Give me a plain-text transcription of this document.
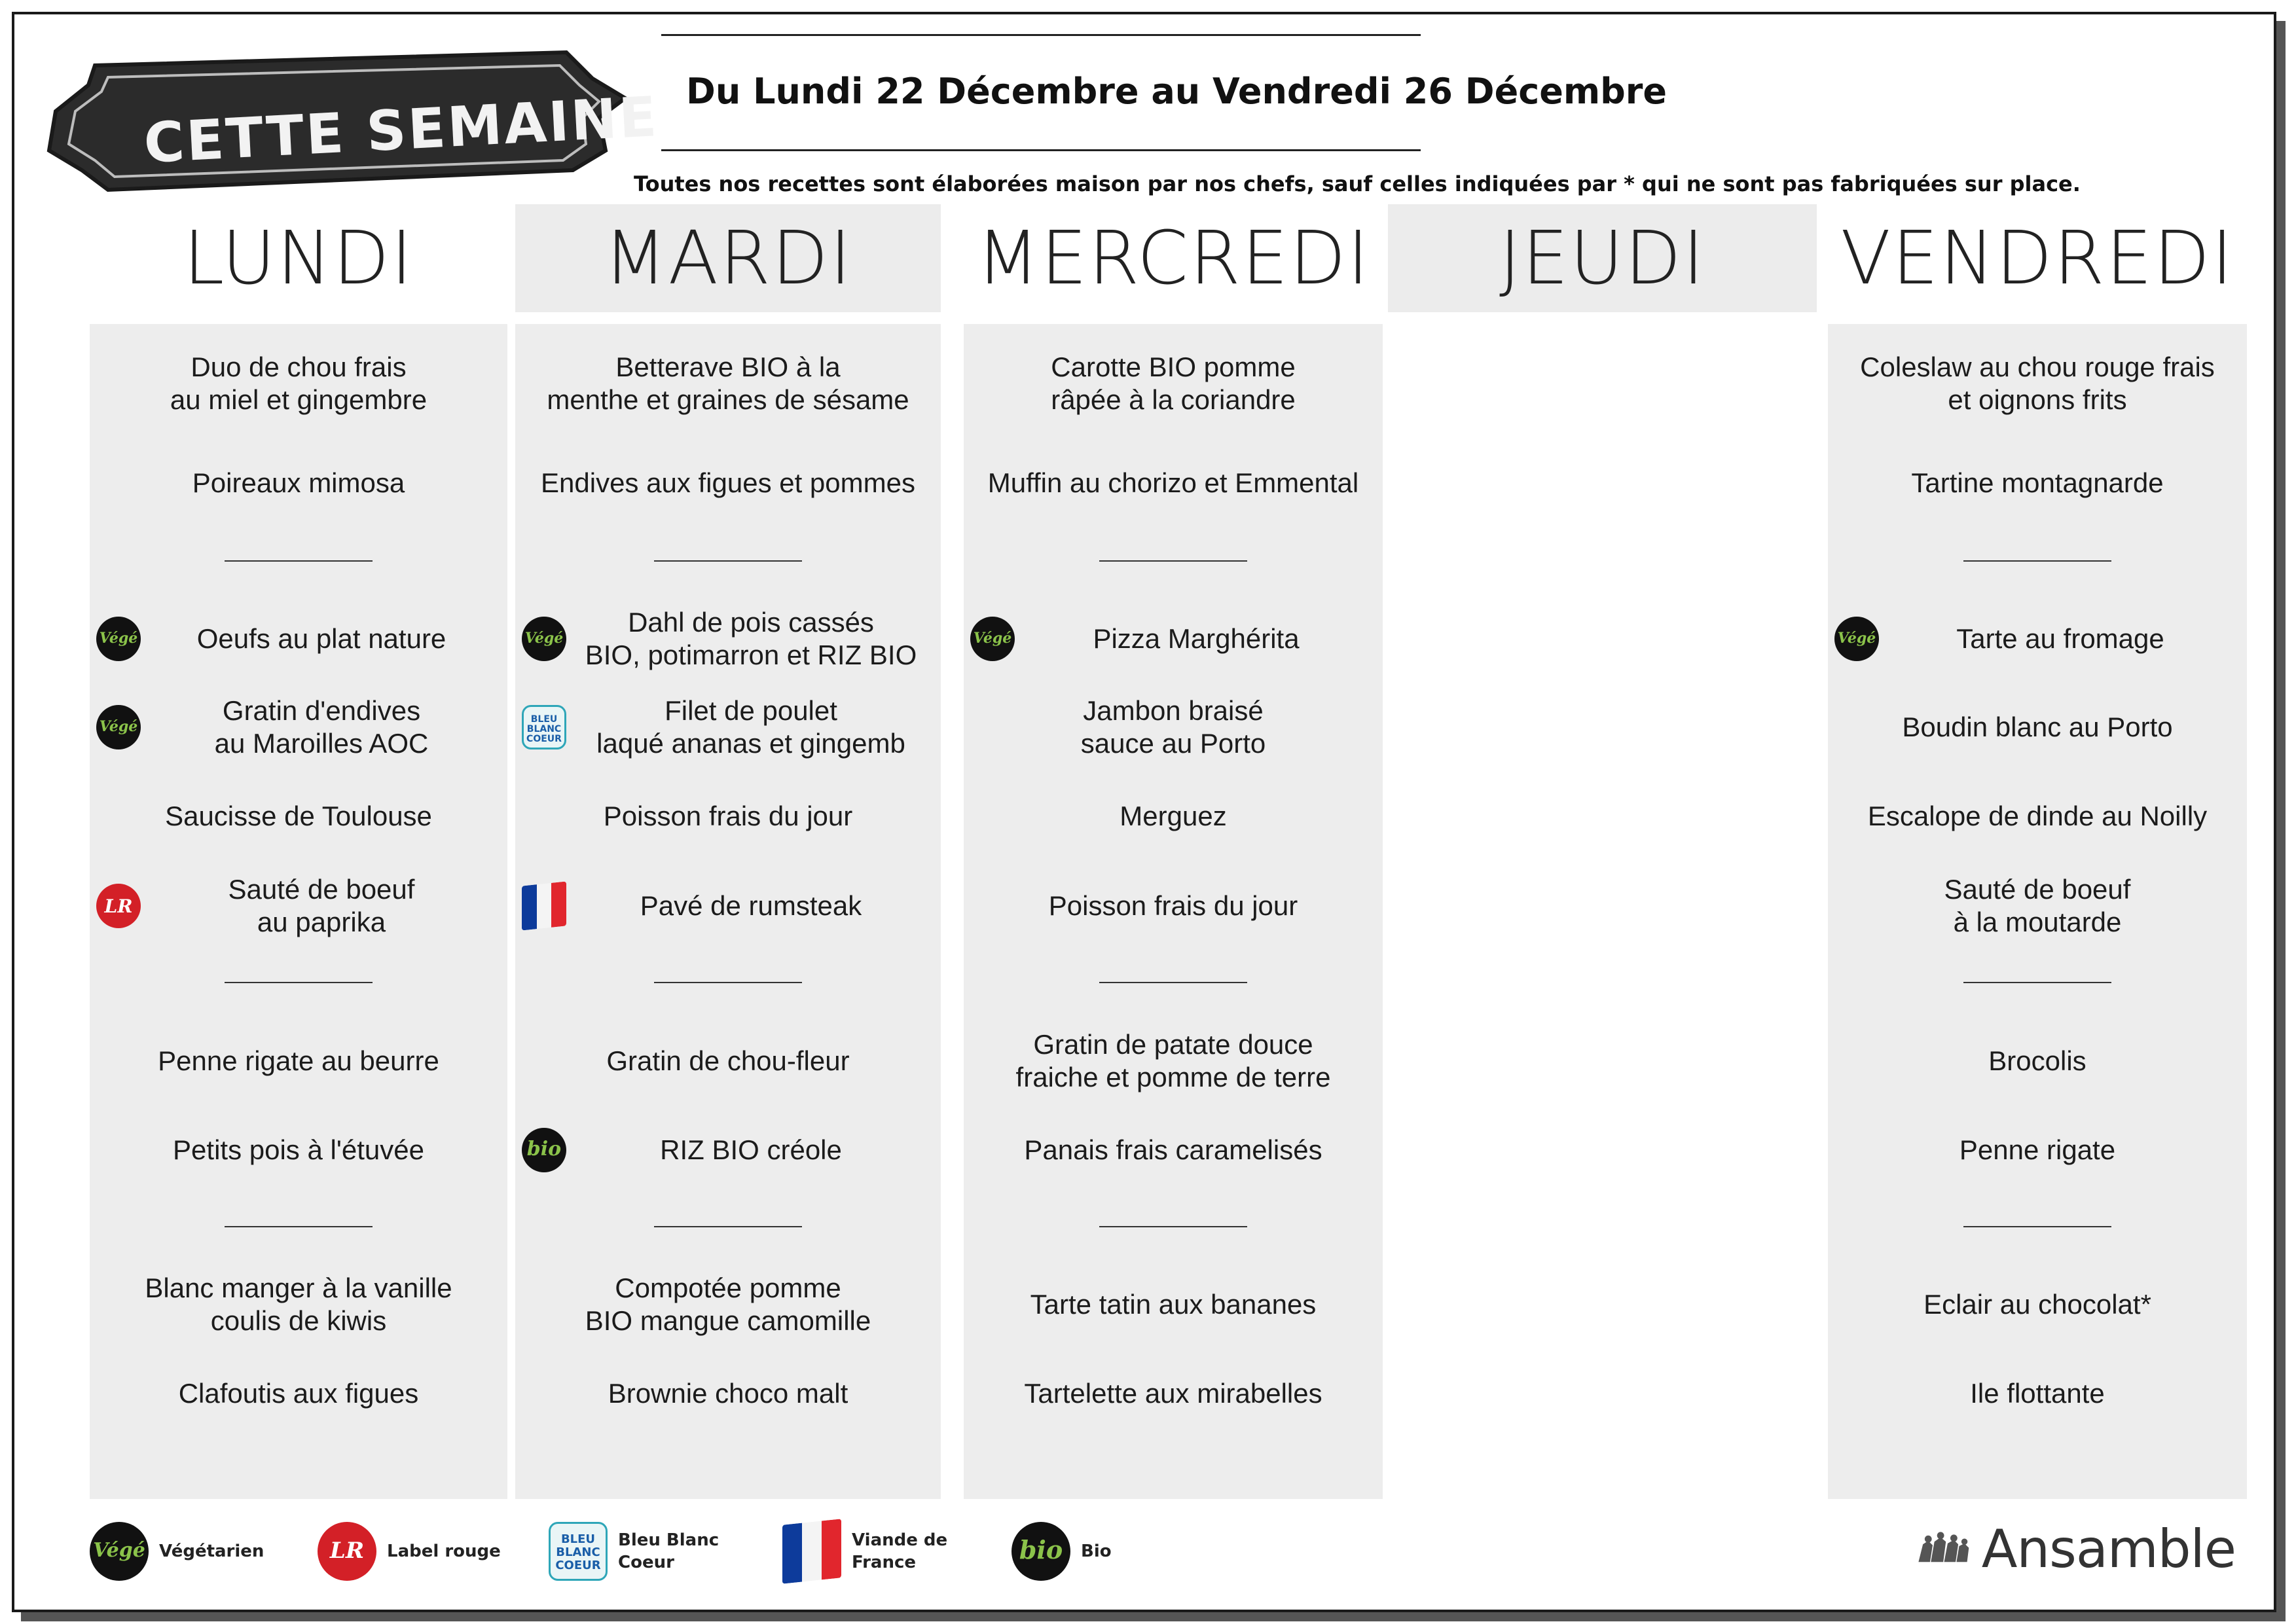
CETTE SEMAINE Du Lundi 22 Décembre au Vendredi 26 Décembre
Toutes nos recettes sont élaborées maison par nos chefs, sauf celles indiquées par * qui ne sont pas fabriquées sur place.
LUNDI
Duo de chou frais
au miel et gingembre
Poireaux mimosa
Oeufs au plat nature
Végé
Gratin d'endives
au Maroilles AOC
Végé
Saucisse de Toulouse
Sauté de boeuf
au paprika
LR
Penne rigate au beurre
Petits pois à l'étuvée
Blanc manger à la vanille
coulis de kiwis
Clafoutis aux figues
MARDI
Betterave BIO à la
menthe et graines de sésame
Endives aux figues et pommes
Dahl de pois cassés
BIO, potimarron et RIZ BIO
Végé
Filet de poulet
laqué ananas et gingemb
BLEU
BLANC
COEUR
Poisson frais du jour
Pavé de rumsteak
Gratin de chou-fleur
RIZ BIO créole
bio
Compotée pomme
BIO mangue camomille
Brownie choco malt
MERCREDI
Carotte BIO pomme
râpée à la coriandre
Muffin au chorizo et Emmental
Pizza Marghérita
Végé
Jambon braisé
sauce au Porto
Merguez
Poisson frais du jour
Gratin de patate douce
fraiche et pomme de terre
Panais frais caramelisés
Tarte tatin aux bananes
Tartelette aux mirabelles
JEUDI	VENDREDI
Coleslaw au chou rouge frais
et oignons frits
Tartine montagnarde
Tarte au fromage
Végé
Boudin blanc au Porto
Escalope de dinde au Noilly
Sauté de boeuf
à la moutarde
Brocolis
Penne rigate
Eclair au chocolat*
Ile flottante
Végé Végétarien	LR	Label rouge
BLEU
BLANC
COEUR
Bleu Blanc
Coeur
Viande de
France	bio	Bio	Ansamble
